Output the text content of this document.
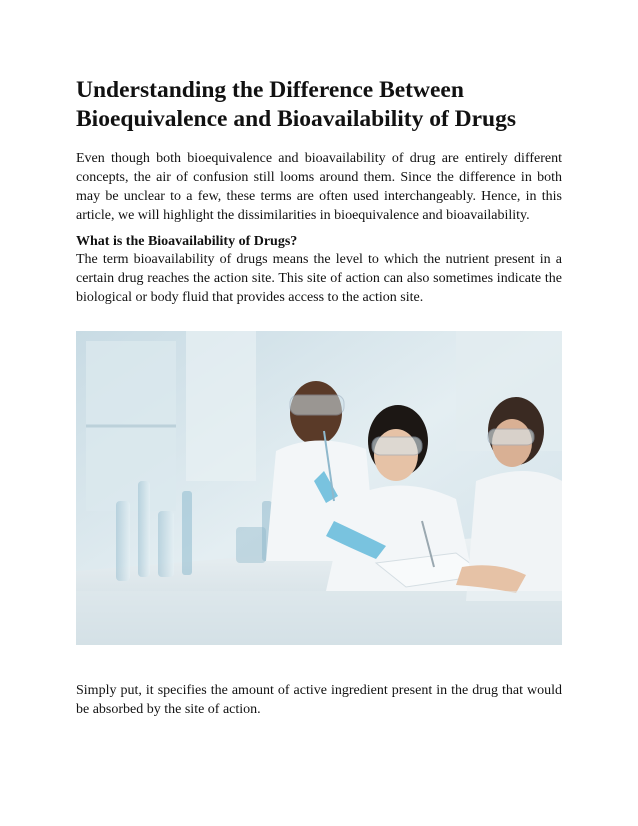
Understanding the Difference Between Bioequivalence and Bioavailability of Drugs

Even though both bioequivalence and bioavailability of drug are entirely different concepts, the air of confusion still looms around them. Since the difference in both may be unclear to a few, these terms are often used interchangeably. Hence, in this article, we will highlight the dissimilarities in bioequivalence and bioavailability.

What is the Bioavailability of Drugs?

The term bioavailability of drugs means the level to which the nutrient present in a certain drug reaches the action site. This site of action can also sometimes indicate the biological or body fluid that provides access to the action site.

Simply put, it specifies the amount of active ingredient present in the drug that would be absorbed by the site of action.
